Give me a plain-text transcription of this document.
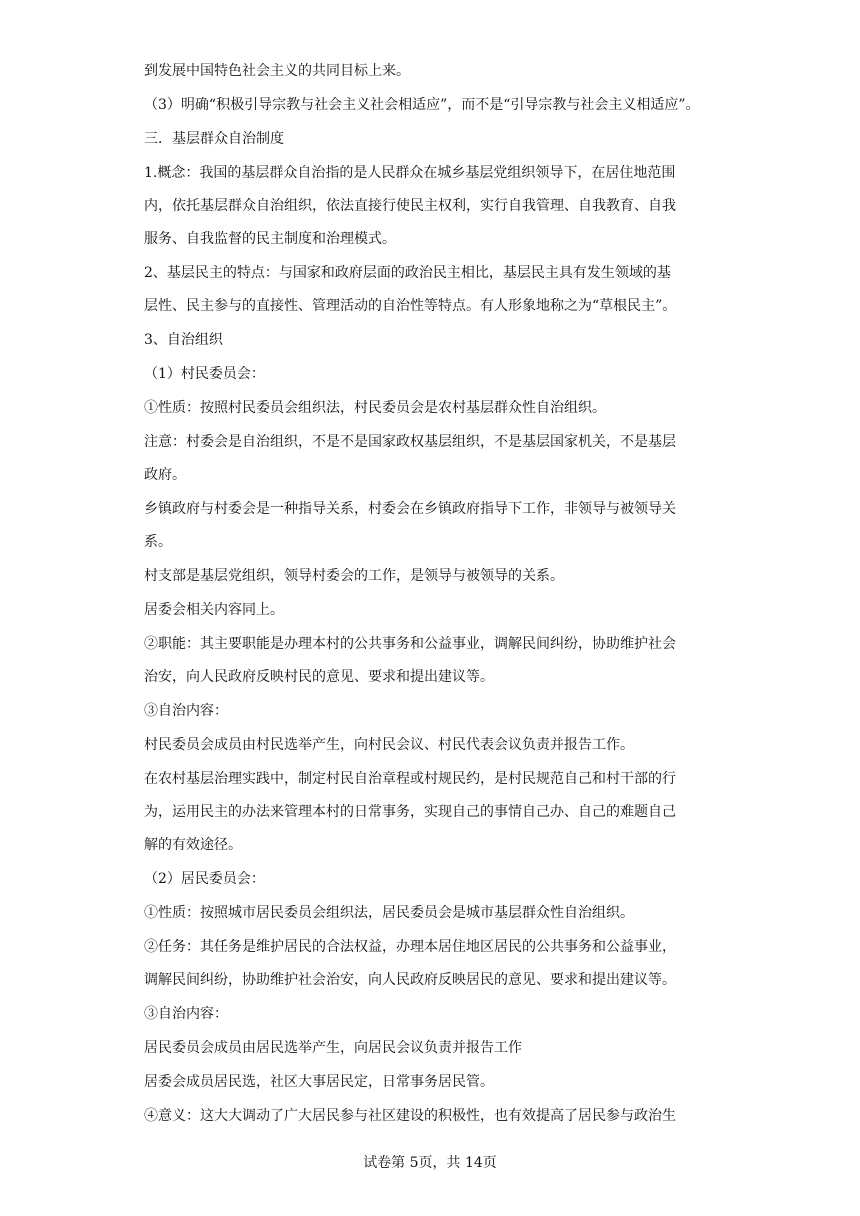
到发展中国特色社会主义的共同目标上来。

（3）明确“积极引导宗教与社会主义社会相适应”，而不是“引导宗教与社会主义相适应”。

三．基层群众自治制度

1.概念：我国的基层群众自治指的是人民群众在城乡基层党组织领导下，在居住地范围

内，依托基层群众自治组织，依法直接行使民主权利，实行自我管理、自我教育、自我

服务、自我监督的民主制度和治理模式。

2、基层民主的特点：与国家和政府层面的政治民主相比，基层民主具有发生领域的基

层性、民主参与的直接性、管理活动的自治性等特点。有人形象地称之为“草根民主”。

3、自治组织

（1）村民委员会：

①性质：按照村民委员会组织法，村民委员会是农村基层群众性自治组织。

注意：村委会是自治组织，不是不是国家政权基层组织，不是基层国家机关，不是基层

政府。

乡镇政府与村委会是一种指导关系，村委会在乡镇政府指导下工作，非领导与被领导关

系。

村支部是基层党组织，领导村委会的工作，是领导与被领导的关系。

居委会相关内容同上。

②职能：其主要职能是办理本村的公共事务和公益事业，调解民间纠纷，协助维护社会

治安，向人民政府反映村民的意见、要求和提出建议等。

③自治内容：

村民委员会成员由村民选举产生，向村民会议、村民代表会议负责并报告工作。

在农村基层治理实践中，制定村民自治章程或村规民约，是村民规范自己和村干部的行

为，运用民主的办法来管理本村的日常事务，实现自己的事情自己办、自己的难题自己

解的有效途径。

（2）居民委员会：

①性质：按照城市居民委员会组织法，居民委员会是城市基层群众性自治组织。

②任务：其任务是维护居民的合法权益，办理本居住地区居民的公共事务和公益事业，

调解民间纠纷，协助维护社会治安，向人民政府反映居民的意见、要求和提出建议等。

③自治内容：

居民委员会成员由居民选举产生，向居民会议负责并报告工作

居委会成员居民选，社区大事居民定，日常事务居民管。

④意义：这大大调动了广大居民参与社区建设的积极性，也有效提高了居民参与政治生

试卷第 5页，共 14页
